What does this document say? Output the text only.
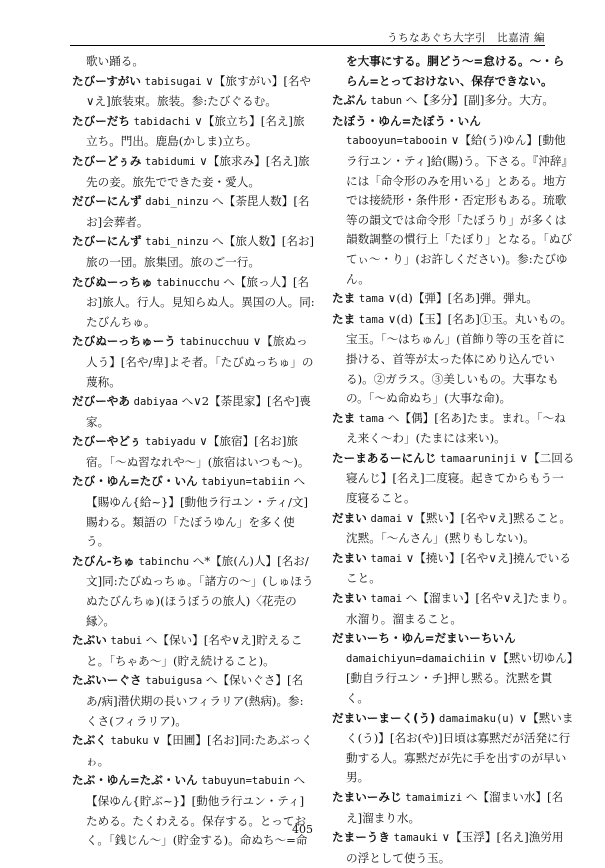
うちなあぐち大字引　比嘉清 編

歌い踊る。

たびーすがい tabisugai ∨【旅すがい】[名や∨え]旅装束。旅装。参:たびぐるむ。

たびーだち tabidachi ∨【旅立ち】[名え]旅立ち。門出。鹿島(かしま)立ち。

たびーどぅみ tabidumi ∨【旅求み】[名え]旅先の妾。旅先でできた妾・愛人。

だびーにんず dabi_ninzu へ【荼毘人数】[名お]会葬者。

たびーにんず tabi_ninzu へ【旅人数】[名お]旅の一団。旅集団。旅のご一行。

たびぬーっちゅ tabinucchu へ【旅っ人】[名お]旅人。行人。見知らぬ人。異国の人。同:たびんちゅ。

たびぬーっちゅーう tabinucchuu ∨【旅ぬっ人う】[名や/卑]よそ者。「たびぬっちゅ」の蔑称。

だびーやあ dabiyaa へ∨2【荼毘家】[名や]喪家。

たびーやどぅ tabiyadu ∨【旅宿】[名お]旅宿。「～ぬ習なれや～」(旅宿はいつも～)。

たび・ゆん=たび・いん tabiyun=tabiin へ【賜ゆん{給~}】[動他ラ行ユン・ティ/文]賜わる。類語の「たぼうゆん」を多く使う。

たびん-ちゅ tabinchu へ*【旅(ん)人】[名お/文]同:たびぬっちゅ。「諸方の～」(しゅほうぬたびんちゅ)(ほうぼうの旅人)〈花売の縁〉。

たぶい tabui へ【保い】[名や∨え]貯えること。「ちゃあ～」(貯え続けること)。

たぶいーぐさ tabuigusa へ【保いぐさ】[名あ/病]潜伏期の長いフィラリア(熱病)。参:くさ(フィラリア)。

たぶく tabuku ∨【田圃】[名お]同:たあぶっくゎ。

たぶ・ゆん=たぶ・いん tabuyun=tabuin へ【保ゆん{貯ぶ~}】[動他ラ行ユン・ティ]ためる。たくわえる。保存する。とっておく。「銭じん～」(貯金する)。命ぬち～=命

を大事にする。胴どう～=怠ける。～・ららん=とっておけない、保存できない。

たぶん tabun へ【多分】[副]多分。大方。

たぼう・ゆん=たぼう・いん tabooyun=tabooin ∨【給(う)ゆん】[動他ラ行ユン・ティ]給(賜)う。下さる。『沖辞』には「命令形のみを用いる」とある。地方では接続形・条件形・否定形もある。琉歌等の韻文では命令形「たぼうり」が多くは韻数調整の慣行上「たぼり」となる。「ぬびてぃ～・り」(お許しください)。参:たびゆん。

たま tama ∨(d)【弾】[名あ]弾。弾丸。

たま tama ∨(d)【玉】[名あ]①玉。丸いもの。宝玉。「～はちゅん」(首飾り等の玉を首に掛ける、首等が太った体にめり込んでいる)。②ガラス。③美しいもの。大事なもの。「～ぬ命ぬち」(大事な命)。

たま tama へ【偶】[名あ]たま。まれ。「～ねえ来く～わ」(たまには来い)。

たーまあるーにんじ tamaaruninji ∨【二回る寝んじ】[名え]二度寝。起きてからもう一度寝ること。

だまい damai ∨【黙い】[名や∨え]黙ること。沈黙。「～んさん」(黙りもしない)。

たまい tamai ∨【撓い】[名や∨え]撓んでいること。

たまい tamai へ【溜まい】[名や∨え]たまり。水溜り。溜まること。

だまいーち・ゆん=だまいーちいん damaichiyun=damaichiin ∨【黙い切ゆん】[動自ラ行ユン・チ]押し黙る。沈黙を貫く。

だまいーまーく(う) damaimaku(u) ∨【黙いまく(う)】[名お(や)]日頃は寡黙だが活発に行動する人。寡黙だが先に手を出すのが早い男。

たまいーみじ tamaimizi へ【溜まい水】[名え]溜まり水。

たまーうき tamauki ∨【玉浮】[名え]漁労用の浮として使う玉。

405
